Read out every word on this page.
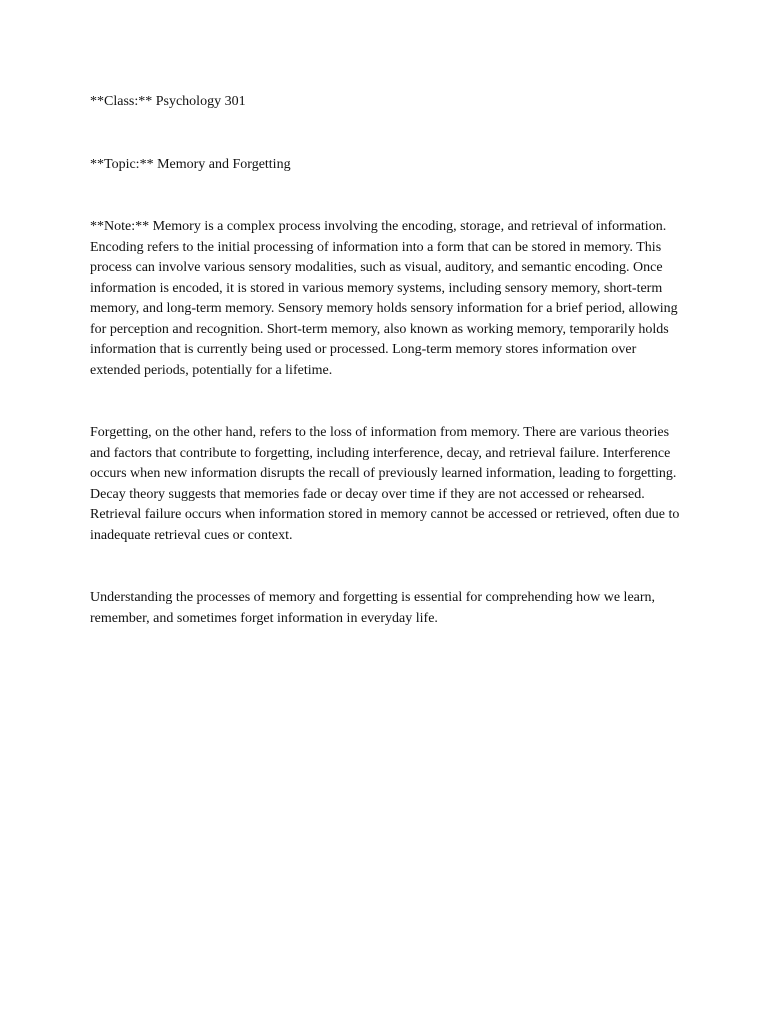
**Class:** Psychology 301

**Topic:** Memory and Forgetting

**Note:** Memory is a complex process involving the encoding, storage, and retrieval of information. Encoding refers to the initial processing of information into a form that can be stored in memory. This process can involve various sensory modalities, such as visual, auditory, and semantic encoding. Once information is encoded, it is stored in various memory systems, including sensory memory, short-term memory, and long-term memory. Sensory memory holds sensory information for a brief period, allowing for perception and recognition. Short-term memory, also known as working memory, temporarily holds information that is currently being used or processed. Long-term memory stores information over extended periods, potentially for a lifetime.

Forgetting, on the other hand, refers to the loss of information from memory. There are various theories and factors that contribute to forgetting, including interference, decay, and retrieval failure. Interference occurs when new information disrupts the recall of previously learned information, leading to forgetting. Decay theory suggests that memories fade or decay over time if they are not accessed or rehearsed. Retrieval failure occurs when information stored in memory cannot be accessed or retrieved, often due to inadequate retrieval cues or context.

Understanding the processes of memory and forgetting is essential for comprehending how we learn, remember, and sometimes forget information in everyday life.
